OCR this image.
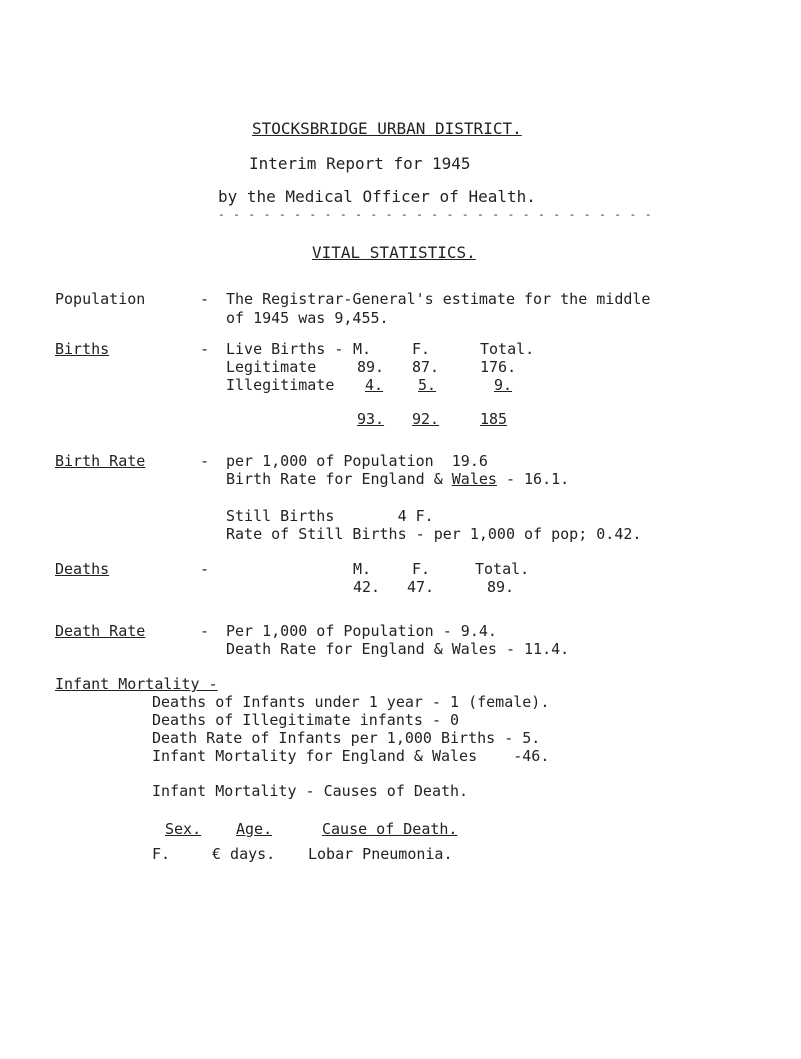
STOCKSBRIDGE URBAN DISTRICT.
Interim Report for 1945
by the Medical Officer of Health.
- - - - - - - - - - - - - - - - - - - - - - - - - - - - -
VITAL STATISTICS.
Population	- The Registrar-General's estimate for the middle
of 1945 was 9,455.
Births	- Live Births - M.	F.	Total.
Legitimate	89. 87.	176.
Illegitimate 4. 5.	9.
93. 92.	185
Birth Rate	- per 1,000 of Population  19.6
Birth Rate for England & Wales - 16.1.
Still Births       4 F.
Rate of Still Births - per 1,000 of pop; 0.42.
Deaths	-	M.	F.	Total.
42. 47.	89.
Death Rate	- Per 1,000 of Population - 9.4.
Death Rate for England & Wales - 11.4.
Infant Mortality -
Deaths of Infants under 1 year - 1 (female).
Deaths of Illegitimate infants - 0
Death Rate of Infants per 1,000 Births - 5.
Infant Mortality for England & Wales    -46.
Infant Mortality - Causes of Death.
Sex. Age.	Cause of Death.
F.	€ days. Lobar Pneumonia.
